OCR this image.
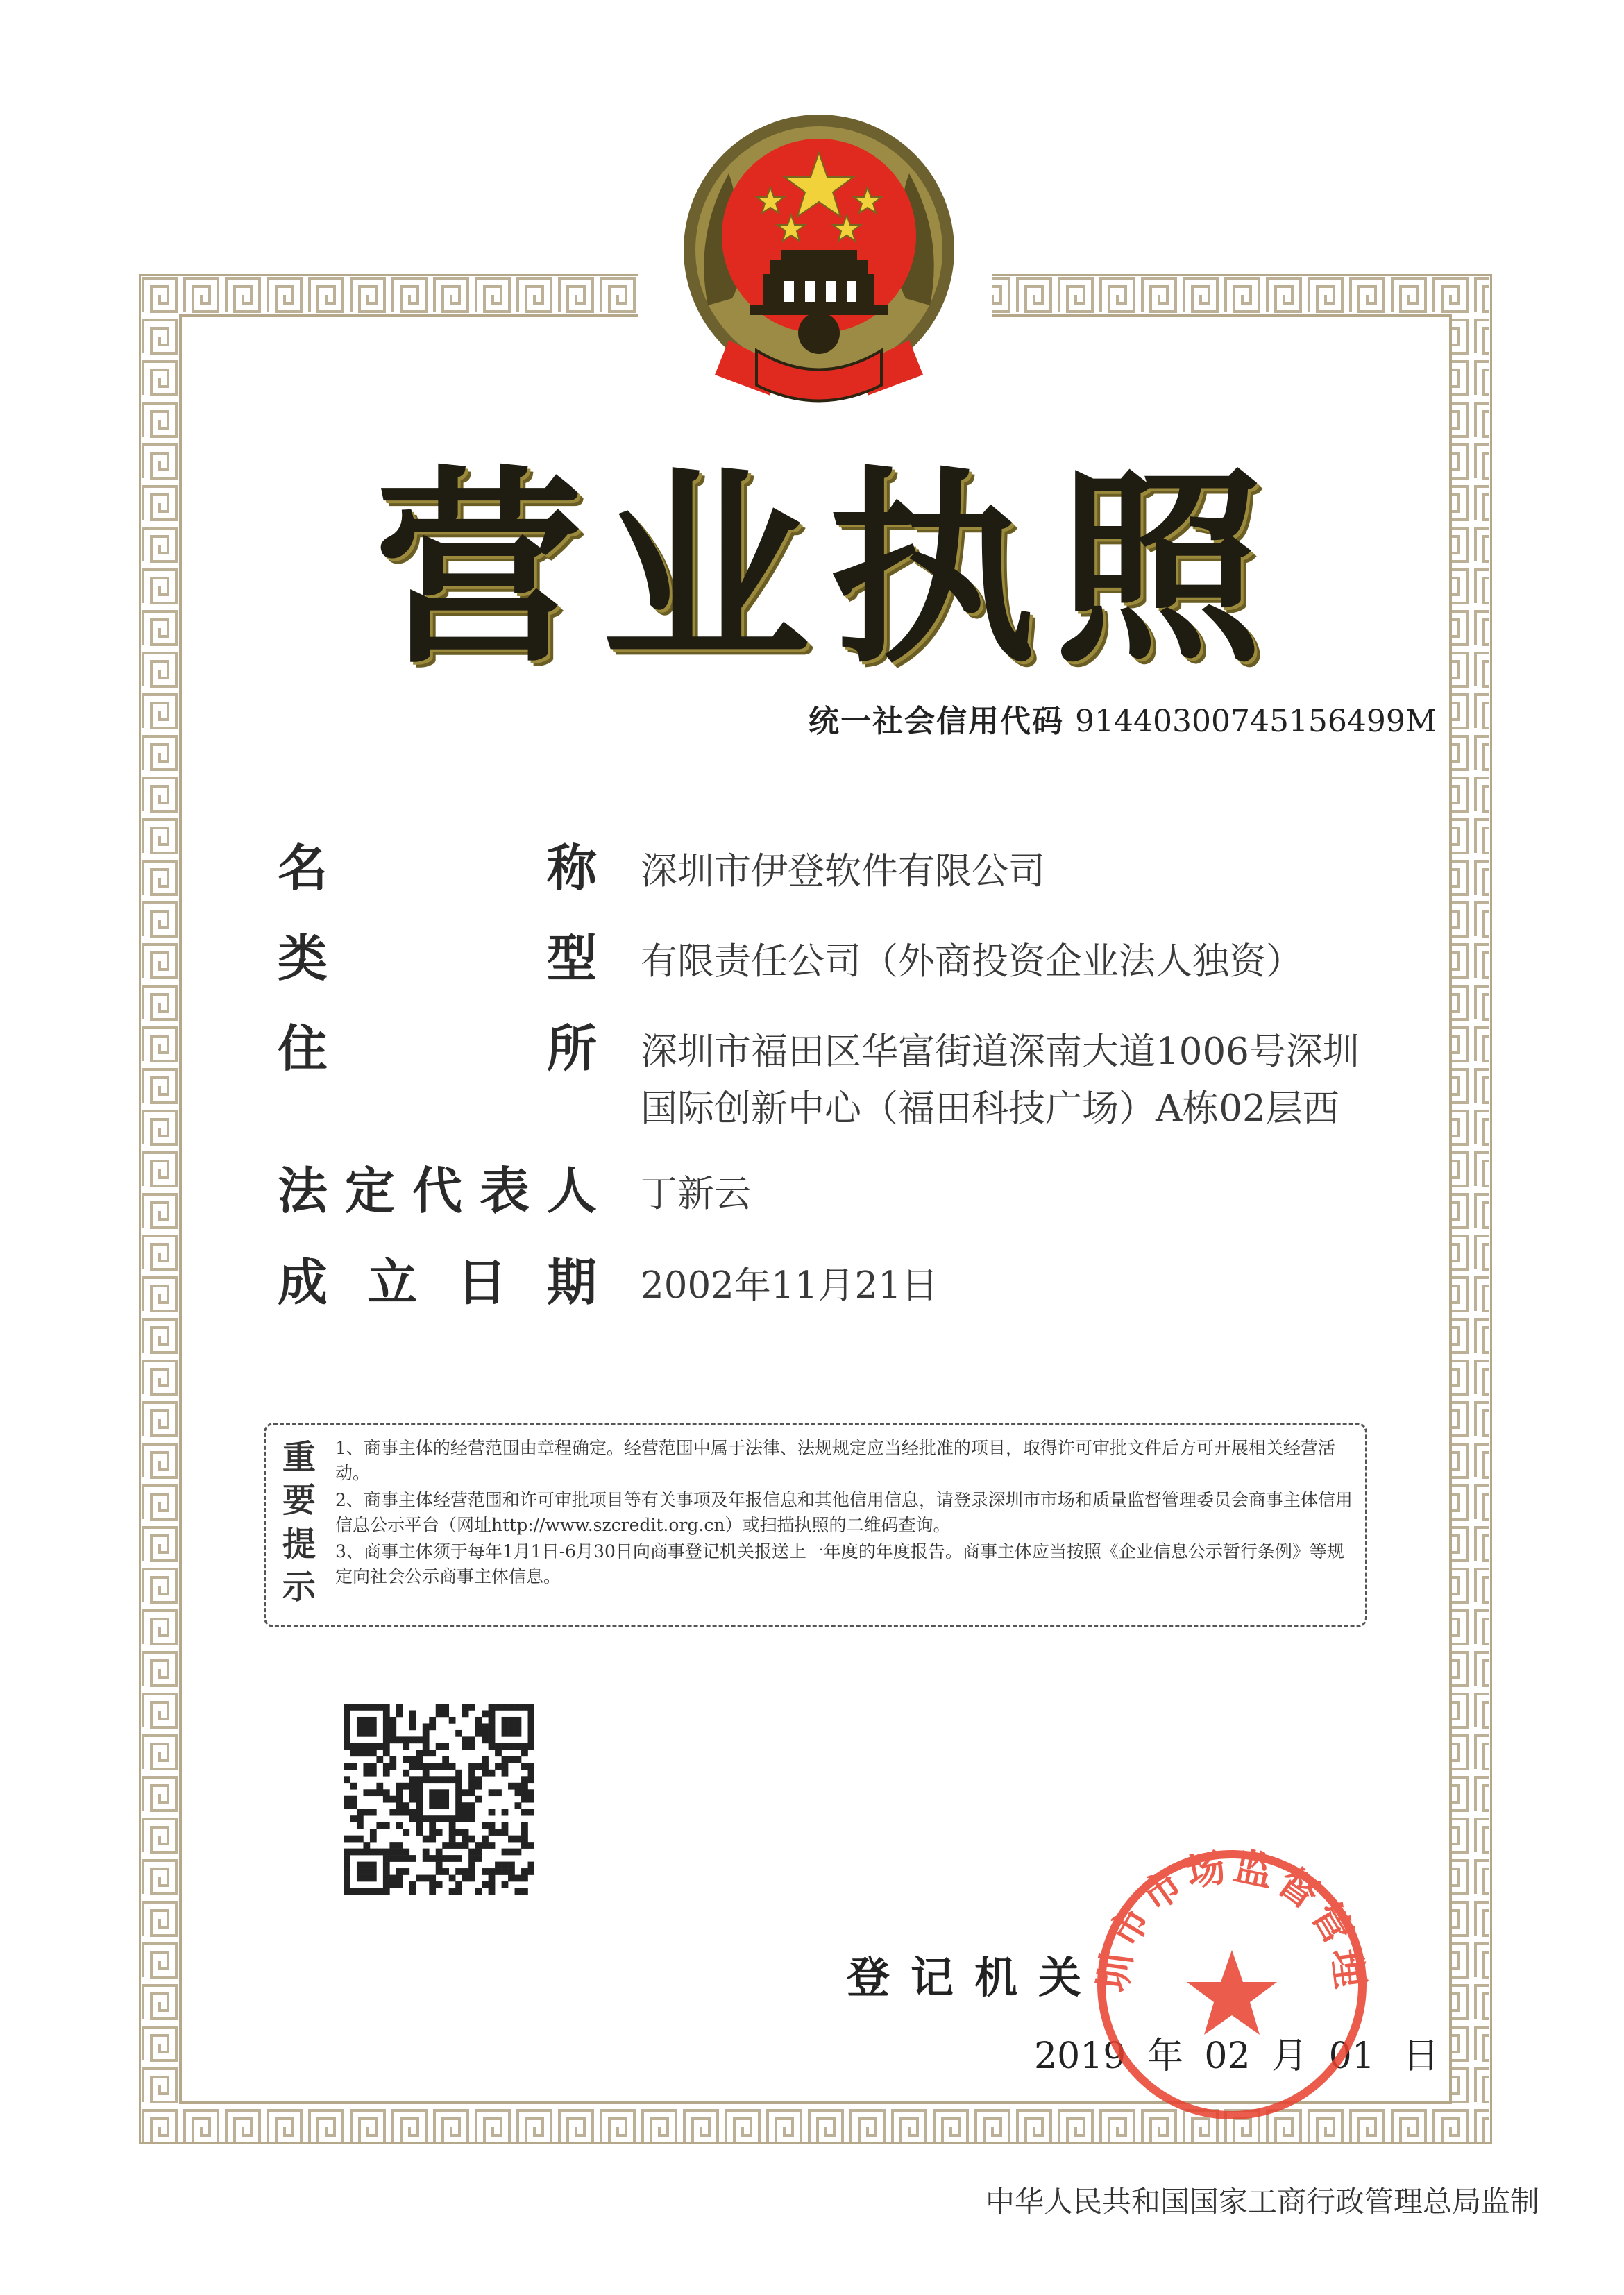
营 业 执 照
统一社会信用代码 91440300745156499M
名	称 深圳市伊登软件有限公司
类	型 有限责任公司（外商投资企业法人独资）
住	所 深圳市福田区华富街道深南大道1006号深圳
国际创新中心（福田科技广场）A栋02层西
法 定 代 表 人 丁新云
成 立 日 期 2002年11月21日
重
要
提
示

1、商事主体的经营范围由章程确定。经营范围中属于法律、法规规定应当经批准的项目，取得许可审批文件后方可开展相关经营活动。

2、商事主体经营范围和许可审批项目等有关事项及年报信息和其他信用信息，请登录深圳市市场和质量监督管理委员会商事主体信用信息公示平台（网址http://www.szcredit.org.cn）或扫描执照的二维码查询。

3、商事主体须于每年1月1日-6月30日向商事登记机关报送上一年度的年度报告。商事主体应当按照《企业信息公示暂行条例》等规定向社会公示商事主体信息。

登记机关
2019 年 02 月 01 日
圳市市场监督管理
中华人民共和国国家工商行政管理总局监制
